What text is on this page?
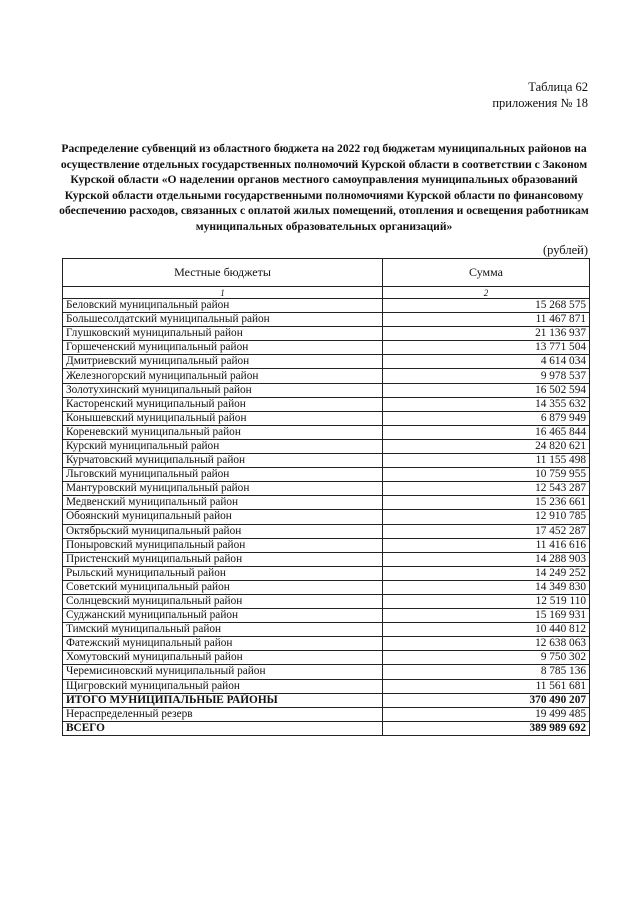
Таблица 62
приложения № 18
Распределение субвенций из областного бюджета на 2022 год бюджетам муниципальных районов на осуществление отдельных государственных полномочий Курской области в соответствии с Законом Курской области «О наделении органов местного самоуправления муниципальных образований Курской области отдельными государственными полномочиями Курской области по финансовому обеспечению расходов, связанных с оплатой жилых помещений, отопления и освещения работникам муниципальных образовательных организаций»
(рублей)
Местные бюджеты	Сумма
1	2
Беловский муниципальный район	15 268 575
Большесолдатский муниципальный район	11 467 871
Глушковский муниципальный район	21 136 937
Горшеченский муниципальный район	13 771 504
Дмитриевский муниципальный район	4 614 034
Железногорский муниципальный район	9 978 537
Золотухинский муниципальный район	16 502 594
Касторенский муниципальный район	14 355 632
Конышевский муниципальный район	6 879 949
Кореневский муниципальный район	16 465 844
Курский муниципальный район	24 820 621
Курчатовский муниципальный район	11 155 498
Льговский муниципальный район	10 759 955
Мантуровский муниципальный район	12 543 287
Медвенский муниципальный район	15 236 661
Обоянский муниципальный район	12 910 785
Октябрьский муниципальный район	17 452 287
Поныровский муниципальный район	11 416 616
Пристенский муниципальный район	14 288 903
Рыльский муниципальный район	14 249 252
Советский муниципальный район	14 349 830
Солнцевский муниципальный район	12 519 110
Суджанский муниципальный район	15 169 931
Тимский муниципальный район	10 440 812
Фатежский муниципальный район	12 638 063
Хомутовский муниципальный район	9 750 302
Черемисиновский муниципальный район	8 785 136
Щигровский муниципальный район	11 561 681
ИТОГО МУНИЦИПАЛЬНЫЕ РАЙОНЫ	370 490 207
Нераспределенный резерв	19 499 485
ВСЕГО	389 989 692
